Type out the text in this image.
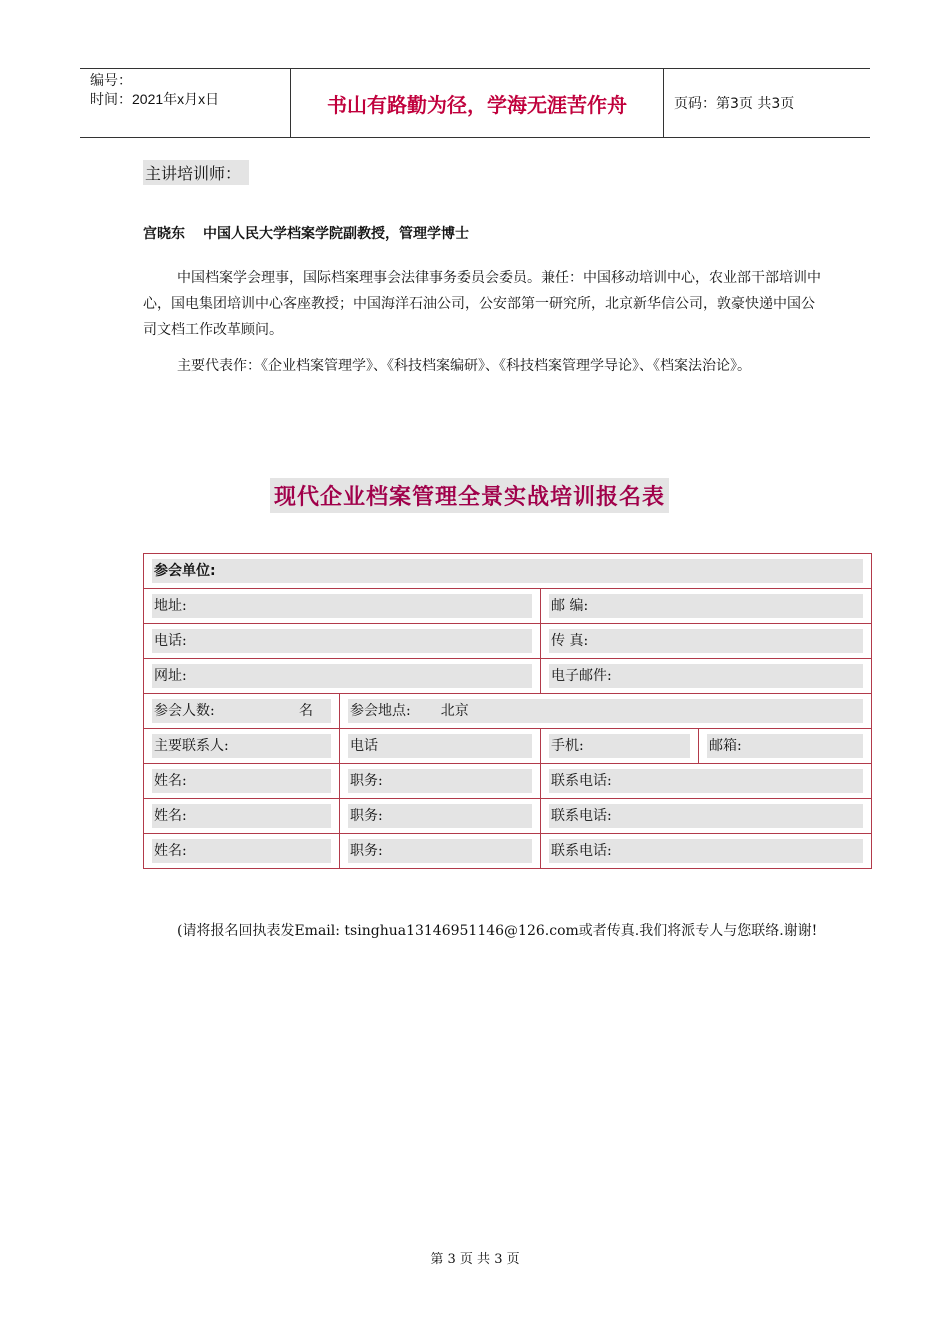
编号：
时间：2021年x月x日	书山有路勤为径，学海无涯苦作舟	页码：第3页 共3页
主讲培训师：
宫晓东 中国人民大学档案学院副教授，管理学博士
中国档案学会理事，国际档案理事会法律事务委员会委员。兼任：中国移动培训中心，农业部干部培训中心，国电集团培训中心客座教授；中国海洋石油公司，公安部第一研究所，北京新华信公司，敦豪快递中国公司文档工作改革顾问。
主要代表作：《企业档案管理学》、《科技档案编研》、《科技档案管理学导论》、《档案法治论》。
现代企业档案管理全景实战培训报名表
参会单位:			

地址:		邮 编:	

电话:		传 真:	

网址:		电子邮件:	

参会人数: 名	参会地点: 北京		

主要联系人:	电话	手机:	邮箱:

姓名:	职务:	联系电话:	

姓名:	职务:	联系电话:	

姓名:	职务:	联系电话:	
(请将报名回执表发Email: tsinghua13146951146@126.com或者传真.我们将派专人与您联络.谢谢!
第 3 页 共 3 页
